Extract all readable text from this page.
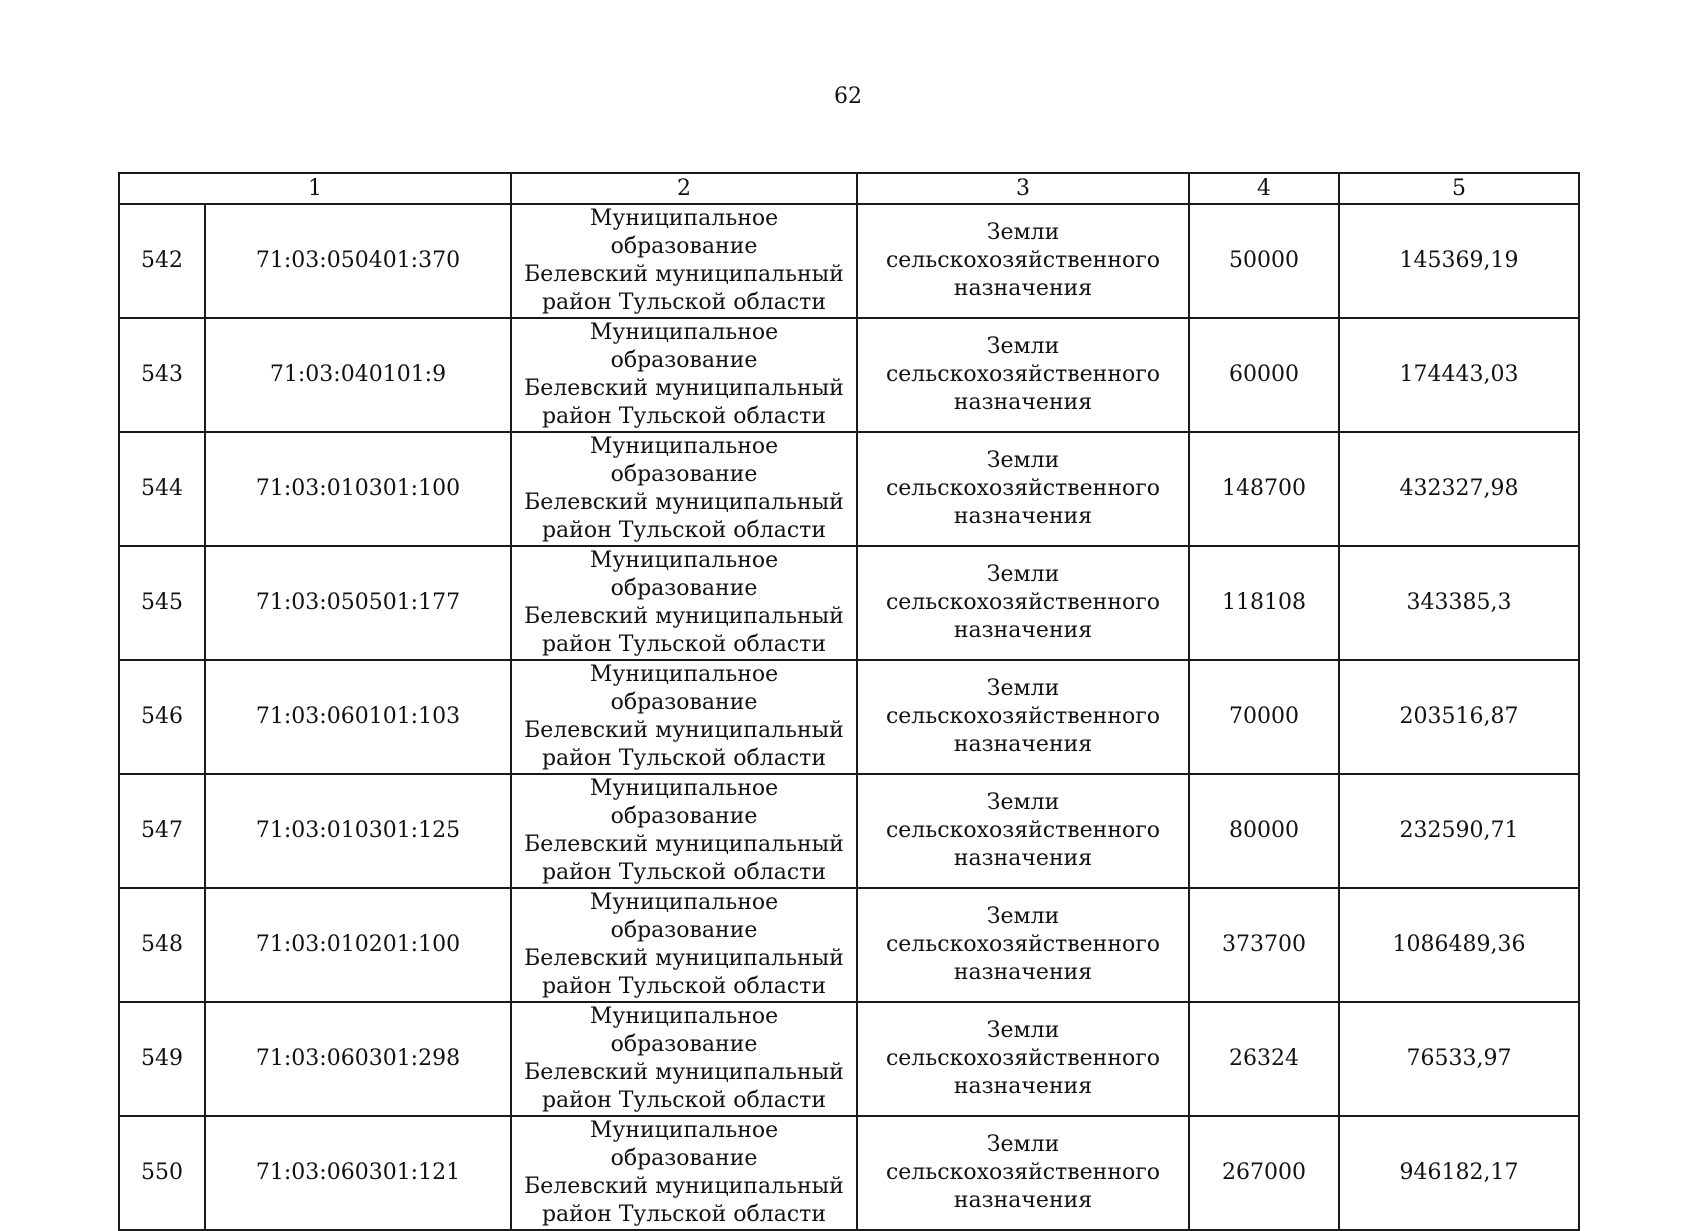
62
1		2	3	4	5
542	71:03:050401:370	Муниципальное образование
Белевский муниципальный
район Тульской области	Земли
сельскохозяйственного
назначения	50000	145369,19
543	71:03:040101:9	Муниципальное образование
Белевский муниципальный
район Тульской области	Земли
сельскохозяйственного
назначения	60000	174443,03
544	71:03:010301:100	Муниципальное образование
Белевский муниципальный
район Тульской области	Земли
сельскохозяйственного
назначения	148700	432327,98
545	71:03:050501:177	Муниципальное образование
Белевский муниципальный
район Тульской области	Земли
сельскохозяйственного
назначения	118108	343385,3
546	71:03:060101:103	Муниципальное образование
Белевский муниципальный
район Тульской области	Земли
сельскохозяйственного
назначения	70000	203516,87
547	71:03:010301:125	Муниципальное образование
Белевский муниципальный
район Тульской области	Земли
сельскохозяйственного
назначения	80000	232590,71
548	71:03:010201:100	Муниципальное образование
Белевский муниципальный
район Тульской области	Земли
сельскохозяйственного
назначения	373700	1086489,36
549	71:03:060301:298	Муниципальное образование
Белевский муниципальный
район Тульской области	Земли
сельскохозяйственного
назначения	26324	76533,97
550	71:03:060301:121	Муниципальное образование
Белевский муниципальный
район Тульской области	Земли
сельскохозяйственного
назначения	267000	946182,17
